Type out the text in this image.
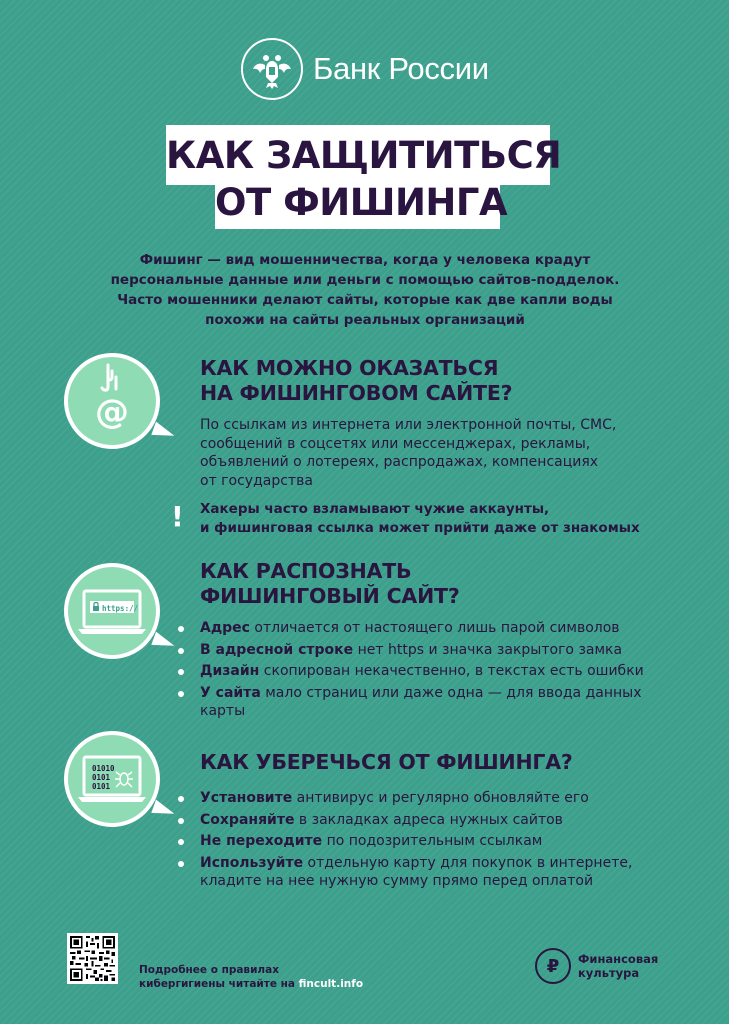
Банк России
КАК ЗАЩИТИТЬСЯ
ОТ ФИШИНГА
Фишинг — вид мошенничества, когда у человека крадут
персональные данные или деньги с помощью сайтов-подделок.
Часто мошенники делают сайты, которые как две капли воды
похожи на сайты реальных организаций
@
КАК МОЖНО ОКАЗАТЬСЯ
НА ФИШИНГОВОМ САЙТЕ?
По ссылкам из интернета или электронной почты, СМС,
сообщений в соцсетях или мессенджерах, рекламы,
объявлений о лотереях, распродажах, компенсациях
от государства
!	Хакеры часто взламывают чужие аккаунты,
и фишинговая ссылка может прийти даже от знакомых
https://
КАК РАСПОЗНАТЬ
ФИШИНГОВЫЙ САЙТ?
Адрес отличается от настоящего лишь парой символов
В адресной строке нет https и значка закрытого замка
Дизайн скопирован некачественно, в текстах есть ошибки
У сайта мало страниц или даже одна — для ввода данных карты
01010
0101
0101
КАК УБЕРЕЧЬСЯ ОТ ФИШИНГА?
Установите антивирус и регулярно обновляйте его
Сохраняйте в закладках адреса нужных сайтов
Не переходите по подозрительным ссылкам
Используйте отдельную карту для покупок в интернете, кладите на нее нужную сумму прямо перед оплатой
Подробнее о правилах
кибергигиены читайте на fincult.info
₽	Финансовая
культура
